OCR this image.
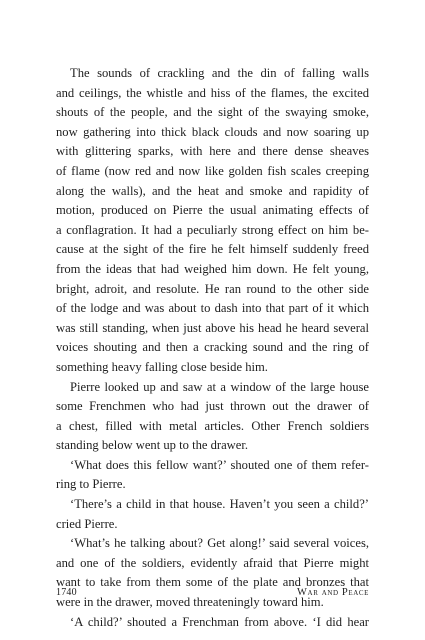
The sounds of crackling and the din of falling walls
and ceilings, the whistle and hiss of the flames, the excited
shouts of the people, and the sight of the swaying smoke,
now gathering into thick black clouds and now soaring up
with glittering sparks, with here and there dense sheaves
of flame (now red and now like golden fish scales creeping
along the walls), and the heat and smoke and rapidity of
motion, produced on Pierre the usual animating effects of
a conflagration. It had a peculiarly strong effect on him be-
cause at the sight of the fire he felt himself suddenly freed
from the ideas that had weighed him down. He felt young,
bright, adroit, and resolute. He ran round to the other side
of the lodge and was about to dash into that part of it which
was still standing, when just above his head he heard several
voices shouting and then a cracking sound and the ring of
something heavy falling close beside him.
Pierre looked up and saw at a window of the large house
some Frenchmen who had just thrown out the drawer of
a chest, filled with metal articles. Other French soldiers
standing below went up to the drawer.
‘What does this fellow want?’ shouted one of them refer-
ring to Pierre.
‘There’s a child in that house. Haven’t you seen a child?’
cried Pierre.
‘What’s he talking about? Get along!’ said several voices,
and one of the soldiers, evidently afraid that Pierre might
want to take from them some of the plate and bronzes that
were in the drawer, moved threateningly toward him.
‘A child?’ shouted a Frenchman from above. ‘I did hear
1740	War and Peace
